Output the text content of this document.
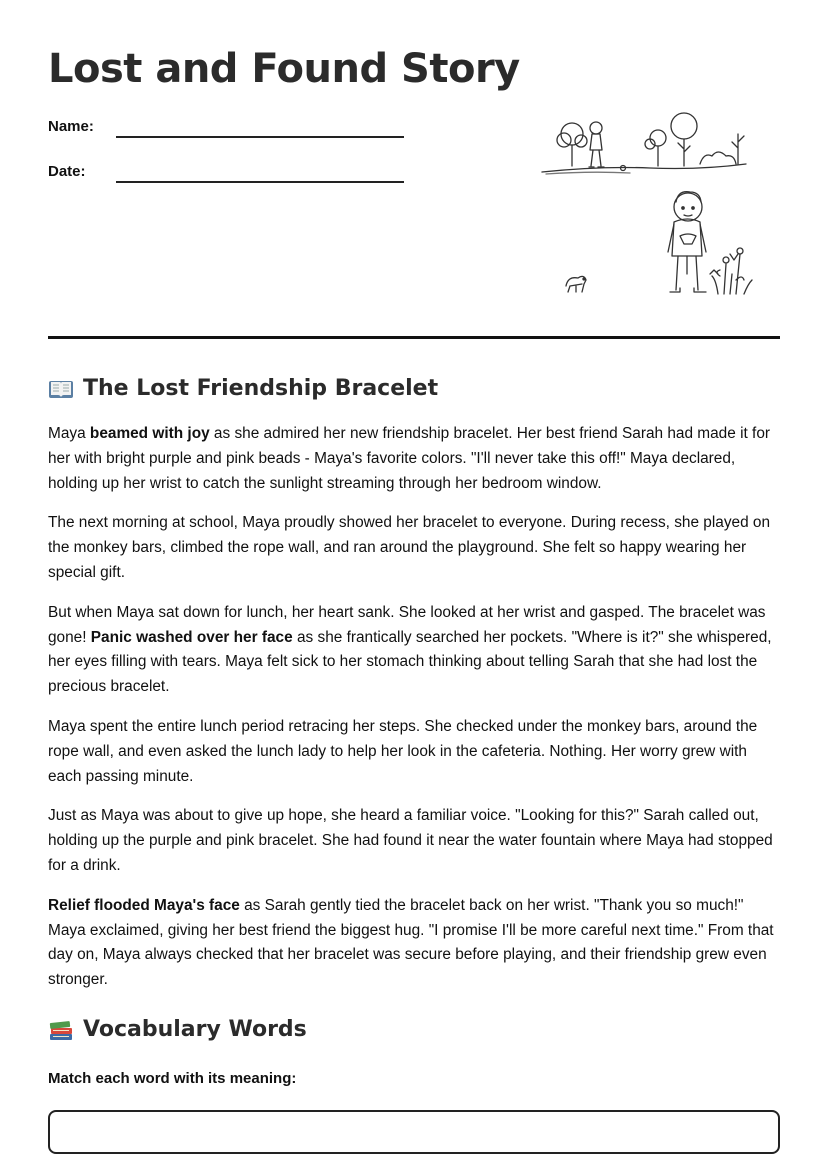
Lost and Found Story
Name:
Date:
The Lost Friendship Bracelet

Maya beamed with joy as she admired her new friendship bracelet. Her best friend Sarah had made it for her with bright purple and pink beads - Maya's favorite colors. "I'll never take this off!" Maya declared, holding up her wrist to catch the sunlight streaming through her bedroom window.

The next morning at school, Maya proudly showed her bracelet to everyone. During recess, she played on the monkey bars, climbed the rope wall, and ran around the playground. She felt so happy wearing her special gift.

But when Maya sat down for lunch, her heart sank. She looked at her wrist and gasped. The bracelet was gone! Panic washed over her face as she frantically searched her pockets. "Where is it?" she whispered, her eyes filling with tears. Maya felt sick to her stomach thinking about telling Sarah that she had lost the precious bracelet.

Maya spent the entire lunch period retracing her steps. She checked under the monkey bars, around the rope wall, and even asked the lunch lady to help her look in the cafeteria. Nothing. Her worry grew with each passing minute.

Just as Maya was about to give up hope, she heard a familiar voice. "Looking for this?" Sarah called out, holding up the purple and pink bracelet. She had found it near the water fountain where Maya had stopped for a drink.

Relief flooded Maya's face as Sarah gently tied the bracelet back on her wrist. "Thank you so much!" Maya exclaimed, giving her best friend the biggest hug. "I promise I'll be more careful next time." From that day on, Maya always checked that her bracelet was secure before playing, and their friendship grew even stronger.

Vocabulary Words
Match each word with its meaning:
